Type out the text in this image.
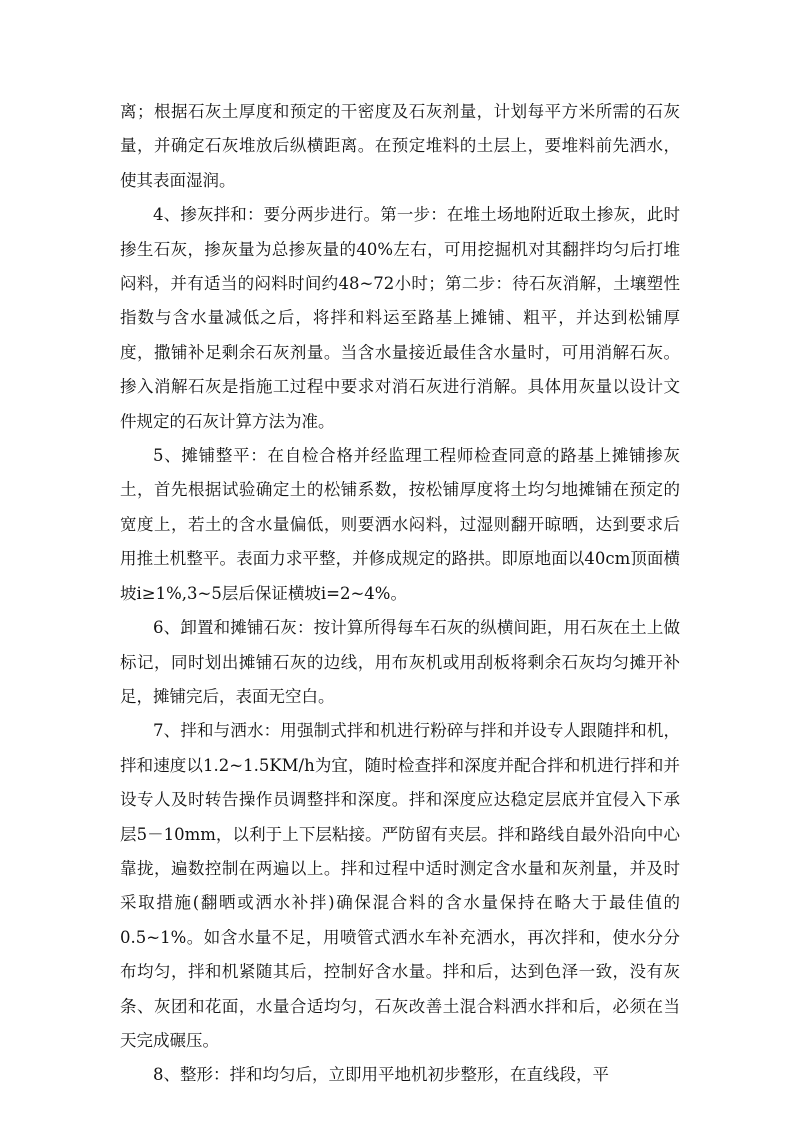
离；根据石灰土厚度和预定的干密度及石灰剂量，计划每平方米所需的石灰量，并确定石灰堆放后纵横距离。在预定堆料的土层上，要堆料前先洒水，使其表面湿润。

4、掺灰拌和：要分两步进行。第一步：在堆土场地附近取土掺灰，此时掺生石灰，掺灰量为总掺灰量的40%左右，可用挖掘机对其翻拌均匀后打堆闷料，并有适当的闷料时间约48~72小时；第二步：待石灰消解，土壤塑性指数与含水量减低之后，将拌和料运至路基上摊铺、粗平，并达到松铺厚度，撒铺补足剩余石灰剂量。当含水量接近最佳含水量时，可用消解石灰。掺入消解石灰是指施工过程中要求对消石灰进行消解。具体用灰量以设计文件规定的石灰计算方法为准。

5、摊铺整平：在自检合格并经监理工程师检查同意的路基上摊铺掺灰土，首先根据试验确定土的松铺系数，按松铺厚度将土均匀地摊铺在预定的宽度上，若土的含水量偏低，则要洒水闷料，过湿则翻开晾晒，达到要求后用推土机整平。表面力求平整，并修成规定的路拱。即原地面以40cm顶面横坡i≥1%,3~5层后保证横坡i=2~4%。

6、卸置和摊铺石灰：按计算所得每车石灰的纵横间距，用石灰在土上做标记，同时划出摊铺石灰的边线，用布灰机或用刮板将剩余石灰均匀摊开补足，摊铺完后，表面无空白。

7、拌和与洒水：用强制式拌和机进行粉碎与拌和并设专人跟随拌和机，拌和速度以1.2~1.5KM/h为宜，随时检查拌和深度并配合拌和机进行拌和并设专人及时转告操作员调整拌和深度。拌和深度应达稳定层底并宜侵入下承层5－10mm，以利于上下层粘接。严防留有夹层。拌和路线自最外沿向中心靠拢，遍数控制在两遍以上。拌和过程中适时测定含水量和灰剂量，并及时采取措施(翻晒或洒水补拌)确保混合料的含水量保持在略大于最佳值的0.5~1%。如含水量不足，用喷管式洒水车补充洒水，再次拌和，使水分分布均匀，拌和机紧随其后，控制好含水量。拌和后，达到色泽一致，没有灰条、灰团和花面，水量合适均匀，石灰改善土混合料洒水拌和后，必须在当天完成碾压。

8、整形：拌和均匀后，立即用平地机初步整形，在直线段，平
